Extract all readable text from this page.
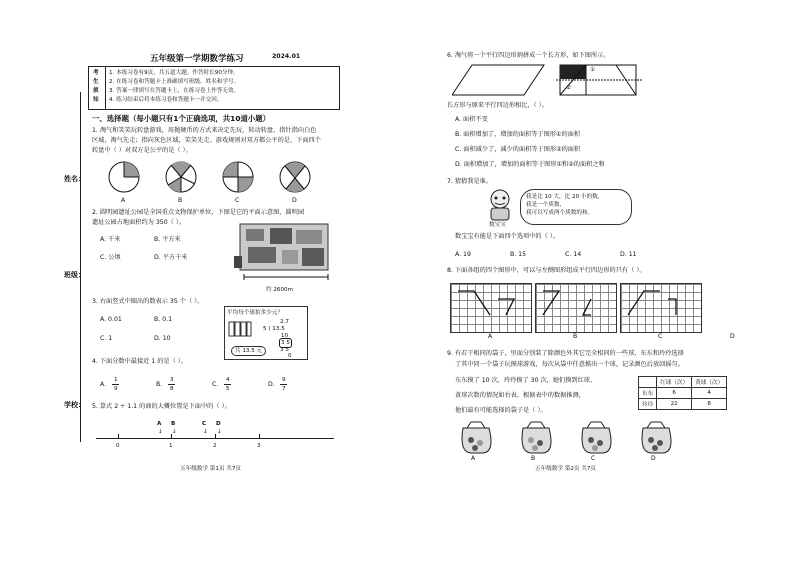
五年级第一学期数学练习	2024.01
考
生
须
知
1. 本练习卷有9页，共五道大题。作答时长90分钟。
2. 在练习卷和答题卡上准确填写班级、姓名和学号。
3. 答案一律填写在答题卡上，在练习卷上作答无效。
4. 练习结束后将本练习卷和答题卡一并交回。
姓名：
班级：
学校：
一、选择题（每小题只有1个正确选项，共10道小题）
1. 淘气和笑笑玩转盘游戏，用抛硬币的方式来决定先玩，转动转盘，指针指向白色
区域，淘气先走；指向灰色区域，笑笑先走。游戏规则对双方都公平的是，下面四个
转盘中（ ）对双方是公平的是（ ）。
A	B	C	D
2. 圆明园遗址公园是全国重点文物保护单位，下图是它的平面示意图，圆明园
遗址公园占地面积约为 350（ ）。
A. 千米	B. 平方米
C. 公顷	D. 平方千米
约 2600m
3. 右面竖式中圈出的数表示 35 个（ ）。
A. 0.01	B. 0.1
C. 1	D. 10
平均每个球拍多少元？
2.7
5 ) 13.5
10
3 5
3 5
0
共 13.5 元
4. 下面分数中最接近 1 的是（ ）。
A.	B.	C.	D.
1
9
3
8
4
5
9
7
5. 算式 2 ÷ 1.1 的商的大概位置是下面中的（ ）。
0	1	2	3
A
↓
B
↓
C
↓
D
↓
五年级数学 第1页 共7页
6. 淘气将一个平行四边形割拼成一个长方形，如下图所示。
①
②
长方形与原来平行四边形相比，（ ）。
A. 面积不变
B. 面积增加了，增加的面积等于图形①的面积
C. 面积减少了，减少的面积等于图形②的面积
D. 面积增加了，增加的面积等于图形①和②的面积之和
7. 猜猜我是谁。
数宝宝
我是比 10 大，比 20 小的数，
我是一个质数，
我可以写成两个质数的和。
数宝宝有能是下面四个选项中的（ ）。
A. 19	B. 15	C. 14	D. 11
8. 下面各组的四个图形中，可以与左侧图形组成平行四边形的只有（ ）。
A	B	C	D
9. 有若干相同的袋子，里面分别装了除颜色外其它完全相同的一些球，东东和玲玲选择
了其中同一个袋子玩摸球游戏，每次从袋中任意摸出一个球，记录颜色后放回摇匀。
东东摸了 10 次，玲玲摸了 30 次，她们摸到红球、
黄球次数的情况如右表，根据表中的数据推测，
他们最有可能选择的袋子是（ ）。
	红球（次）	黄球（次）
东东	6	4
玲玲	22	8
A	B	C	D
五年级数学 第2页 共7页
